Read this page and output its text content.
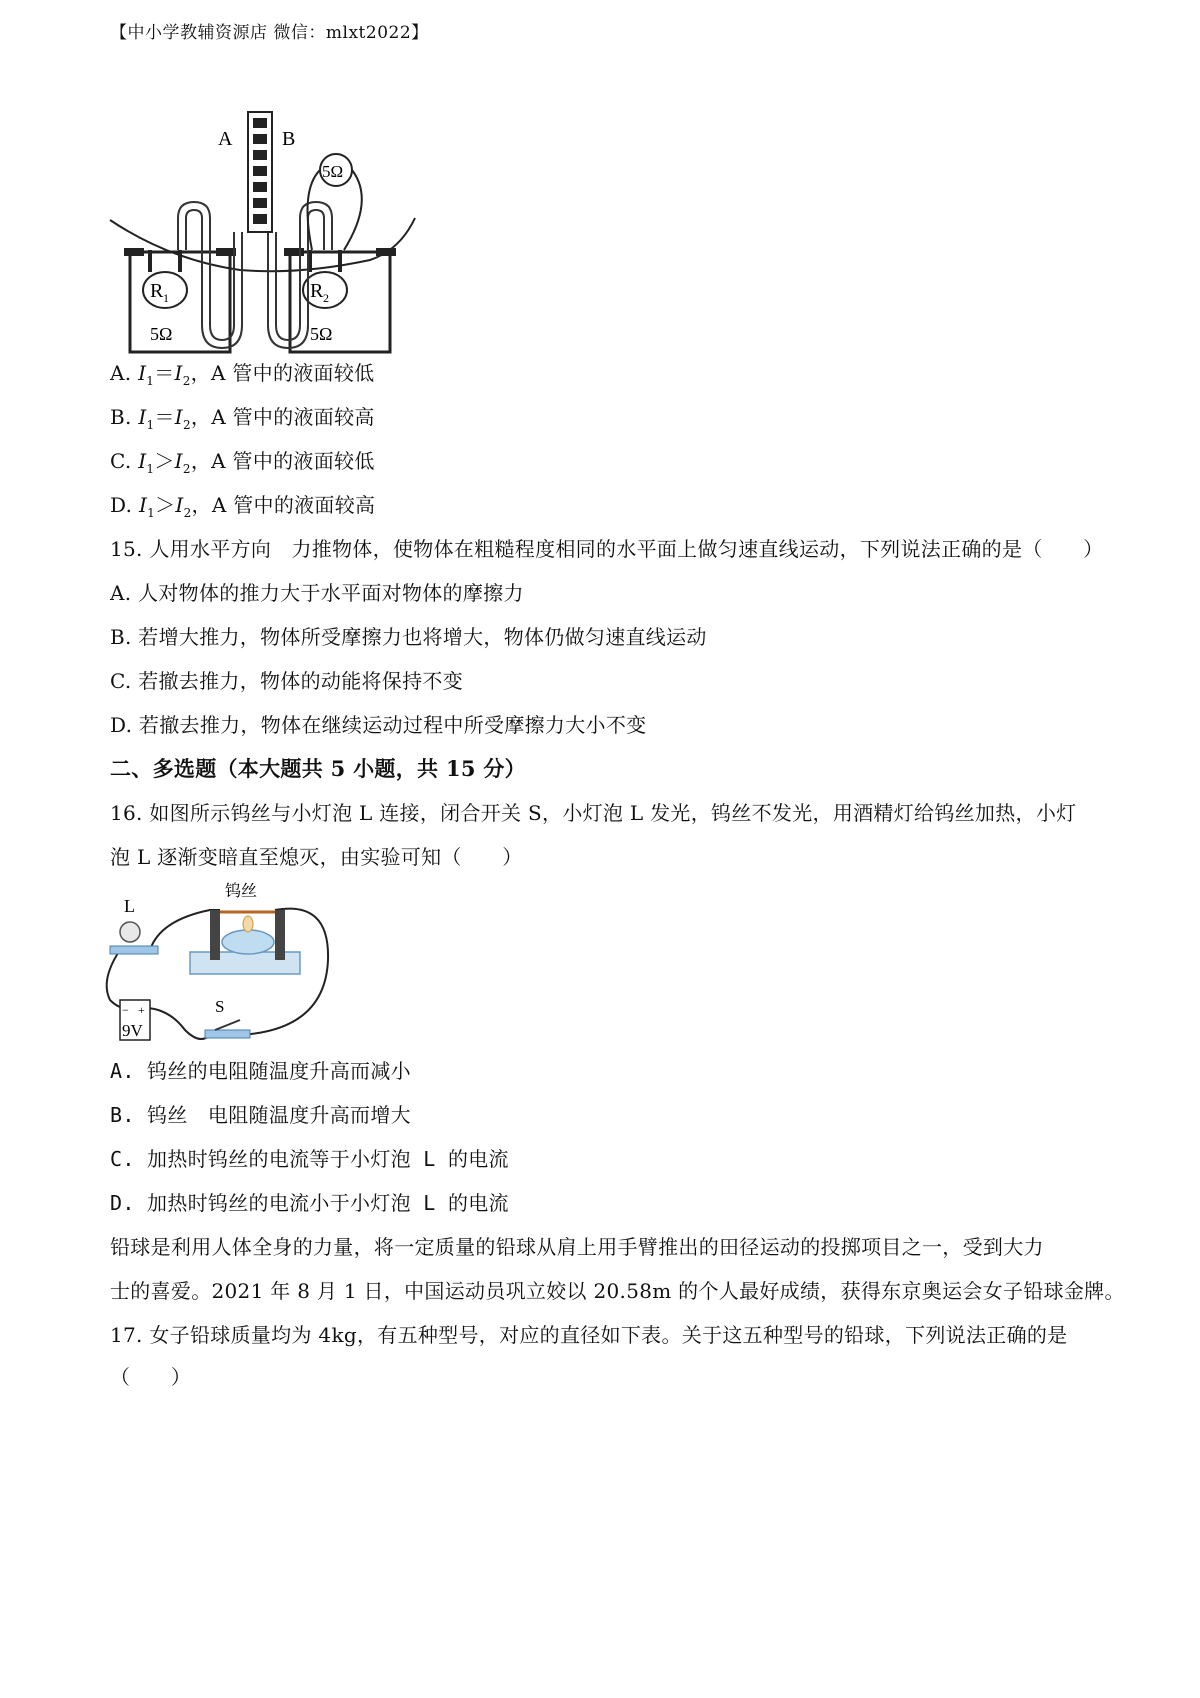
【中小学教辅资源店 微信：mlxt2022】
R 1
5Ω
R 2
5Ω
A B
5Ω
A. $I_1=I_2$，A 管中的液面较低
B. $I_1=I_2$，A 管中的液面较高
C. $I_1>I_2$，A 管中的液面较低
D. $I_1>I_2$，A 管中的液面较高
15. 人用水平方向　力推物体，使物体在粗糙程度相同的水平面上做匀速直线运动，下列说法正确的是（　　）
A. 人对物体的推力大于水平面对物体的摩擦力
B. 若增大推力，物体所受摩擦力也将增大，物体仍做匀速直线运动
C. 若撤去推力，物体的动能将保持不变
D. 若撤去推力，物体在继续运动过程中所受摩擦力大小不变
二、多选题（本大题共 5 小题，共 15 分）
16. 如图所示钨丝与小灯泡 L 连接，闭合开关 S，小灯泡 L 发光，钨丝不发光，用酒精灯给钨丝加热，小灯
泡 L 逐渐变暗直至熄灭，由实验可知（　　）
L
钨丝
− +
9V
S
A. 钨丝的电阻随温度升高而减小
B. 钨丝　电阻随温度升高而增大
C. 加热时钨丝的电流等于小灯泡 L 的电流
D. 加热时钨丝的电流小于小灯泡 L 的电流
铅球是利用人体全身的力量，将一定质量的铅球从肩上用手臂推出的田径运动的投掷项目之一，受到大力
士的喜爱。2021 年 8 月 1 日，中国运动员巩立姣以 20.58m 的个人最好成绩，获得东京奥运会女子铅球金牌。
17. 女子铅球质量均为 4kg，有五种型号，对应的直径如下表。关于这五种型号的铅球，下列说法正确的是
（　　）
